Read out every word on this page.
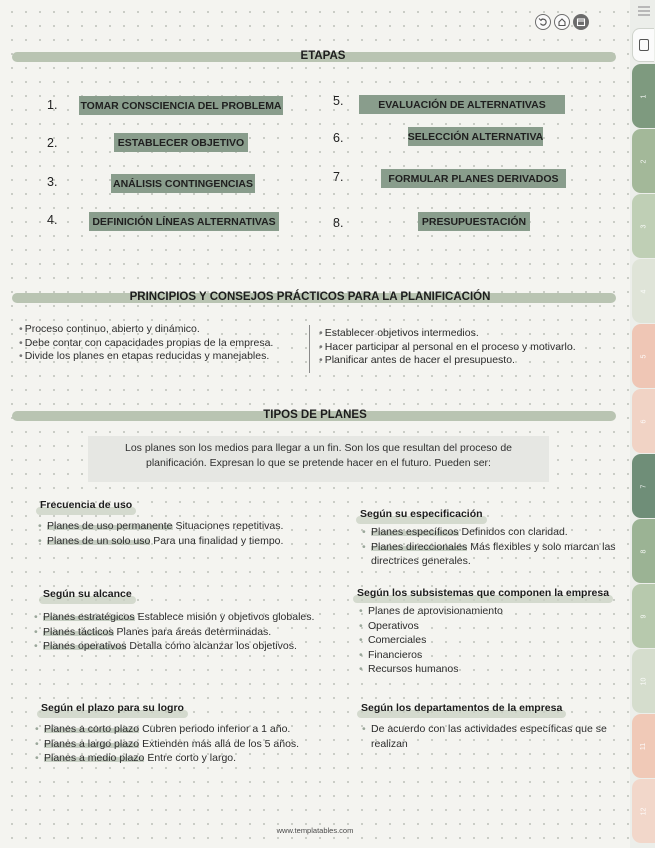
ETAPAS
1. TOMAR CONSCIENCIA DEL PROBLEMA
2.	ESTABLECER OBJETIVO
3.	ANÁLISIS CONTINGENCIAS
4.	DEFINICIÓN LÍNEAS ALTERNATIVAS
5.	EVALUACIÓN DE ALTERNATIVAS
6.	SELECCIÓN ALTERNATIVA
7.	FORMULAR PLANES DERIVADOS
8.	PRESUPUESTACIÓN
PRINCIPIOS Y CONSEJOS PRÁCTICOS PARA LA PLANIFICACIÓN
• Proceso continuo, abierto y dinámico.
• Debe contar con capacidades propias de la empresa.
• Divide los planes en etapas reducidas y manejables.
• Establecer objetivos intermedios.
• Hacer participar al personal en el proceso y motivarlo.
• Planificar antes de hacer el presupuesto.
TIPOS DE PLANES
Los planes son los medios para llegar a un fin. Son los que resultan del proceso de planificación. Expresan lo que se pretende hacer en el futuro. Pueden ser:
Frecuencia de uso
• Planes de uso permanente Situaciones repetitivas.
• Planes de un solo uso Para una finalidad y tiempo.
Según su especificación
• Planes específicos Definidos con claridad.
• Planes direccionales Más flexibles y solo marcan las directrices generales.
Según su alcance
• Planes estratégicos Establece misión y objetivos globales.
• Planes tácticos Planes para áreas determinadas.
• Planes operativos Detalla cómo alcanzar los objetivos.
Según los subsistemas que componen la empresa
• Planes de aprovisionamiento
• Operativos
• Comerciales
• Financieros
• Recursos humanos
Según el plazo para su logro
• Planes a corto plazo Cubren periodo inferior a 1 año.
• Planes a largo plazo Extienden más allá de los 5 años.
• Planes a medio plazo Entre corto y largo.
Según los departamentos de la empresa
• De acuerdo con las actividades específicas que se realizan
www.templatables.com
1
2
3
4
5
6
7
8
9
10
11
12
